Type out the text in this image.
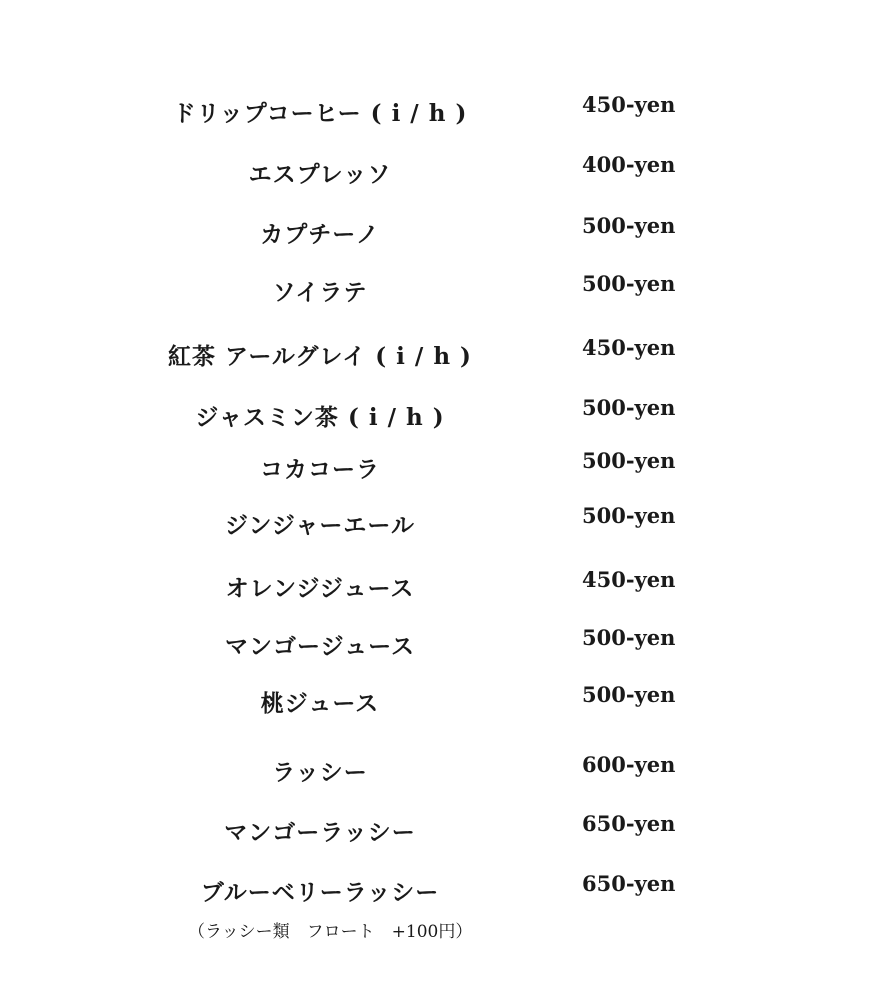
ドリップコーヒー ( i / h )	450-yen
エスプレッソ	400-yen
カプチーノ	500-yen
ソイラテ	500-yen
紅茶 アールグレイ ( i / h )	450-yen
ジャスミン茶 ( i / h )	500-yen
コカコーラ	500-yen
ジンジャーエール	500-yen
オレンジジュース	450-yen
マンゴージュース	500-yen
桃ジュース	500-yen
ラッシー	600-yen
マンゴーラッシー	650-yen
ブルーベリーラッシー	650-yen
（ラッシー類　フロート　+100円）
